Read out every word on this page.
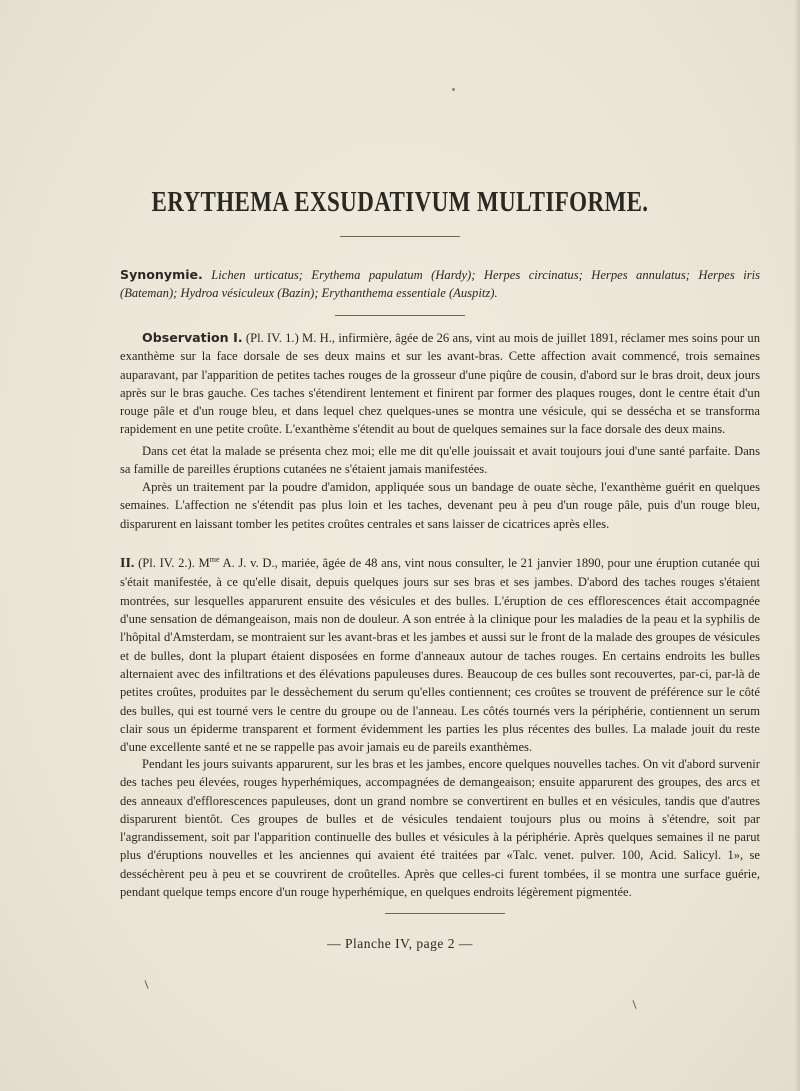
ERYTHEMA EXSUDATIVUM MULTIFORME.

Synonymie. Lichen urticatus; Erythema papulatum (Hardy); Herpes circinatus; Herpes annulatus; Herpes iris (Bateman); Hydroa vésiculeux (Bazin); Erythanthema essentiale (Auspitz).

Observation I. (Pl. IV. 1.) M. H., infirmière, âgée de 26 ans, vint au mois de juillet 1891, réclamer mes soins pour un exanthème sur la face dorsale de ses deux mains et sur les avant-bras. Cette affection avait commencé, trois semaines auparavant, par l'apparition de petites taches rouges de la grosseur d'une piqûre de cousin, d'abord sur le bras droit, deux jours après sur le bras gauche. Ces taches s'étendirent lentement et finirent par former des plaques rouges, dont le centre était d'un rouge pâle et d'un rouge bleu, et dans lequel chez quelques-unes se montra une vésicule, qui se dessécha et se transforma rapidement en une petite croûte. L'exanthème s'étendit au bout de quelques semaines sur la face dorsale des deux mains.

Dans cet état la malade se présenta chez moi; elle me dit qu'elle jouissait et avait toujours joui d'une santé parfaite. Dans sa famille de pareilles éruptions cutanées ne s'étaient jamais manifestées.

Après un traitement par la poudre d'amidon, appliquée sous un bandage de ouate sèche, l'exanthème guérit en quelques semaines. L'affection ne s'étendit pas plus loin et les taches, devenant peu à peu d'un rouge pâle, puis d'un rouge bleu, disparurent en laissant tomber les petites croûtes centrales et sans laisser de cicatrices après elles.

II. (Pl. IV. 2.). $M^{me}$ A. J. v. D., mariée, âgée de 48 ans, vint nous consulter, le 21 janvier 1890, pour une éruption cutanée qui s'était manifestée, à ce qu'elle disait, depuis quelques jours sur ses bras et ses jambes. D'abord des taches rouges s'étaient montrées, sur lesquelles apparurent ensuite des vésicules et des bulles. L'éruption de ces efflorescences était accompagnée d'une sensation de démangeaison, mais non de douleur. A son entrée à la clinique pour les maladies de la peau et la syphilis de l'hôpital d'Amsterdam, se montraient sur les avant-bras et les jambes et aussi sur le front de la malade des groupes de vésicules et de bulles, dont la plupart étaient disposées en forme d'anneaux autour de taches rouges. En certains endroits les bulles alternaient avec des infiltrations et des élévations papuleuses dures. Beaucoup de ces bulles sont recouvertes, par-ci, par-là de petites croûtes, produites par le dessèchement du serum qu'elles contiennent; ces croûtes se trouvent de préférence sur le côté des bulles, qui est tourné vers le centre du groupe ou de l'anneau. Les côtés tournés vers la périphérie, contiennent un serum clair sous un épiderme transparent et forment évidemment les parties les plus récentes des bulles. La malade jouit du reste d'une excellente santé et ne se rappelle pas avoir jamais eu de pareils exanthèmes.

Pendant les jours suivants apparurent, sur les bras et les jambes, encore quelques nouvelles taches. On vit d'abord survenir des taches peu élevées, rouges hyperhémiques, accompagnées de demangeaison; ensuite apparurent des groupes, des arcs et des anneaux d'efflorescences papuleuses, dont un grand nombre se convertirent en bulles et en vésicules, tandis que d'autres disparurent bientôt. Ces groupes de bulles et de vésicules tendaient toujours plus ou moins à s'étendre, soit par l'agrandissement, soit par l'apparition continuelle des bulles et vésicules à la périphérie. Après quelques semaines il ne parut plus d'éruptions nouvelles et les anciennes qui avaient été traitées par «Talc. venet. pulver. 100, Acid. Salicyl. 1», se desséchèrent peu à peu et se couvrirent de croûtelles. Après que celles-ci furent tombées, il se montra une surface guérie, pendant quelque temps encore d'un rouge hyperhémique, en quelques endroits légèrement pigmentée.

— Planche IV, page 2 —
